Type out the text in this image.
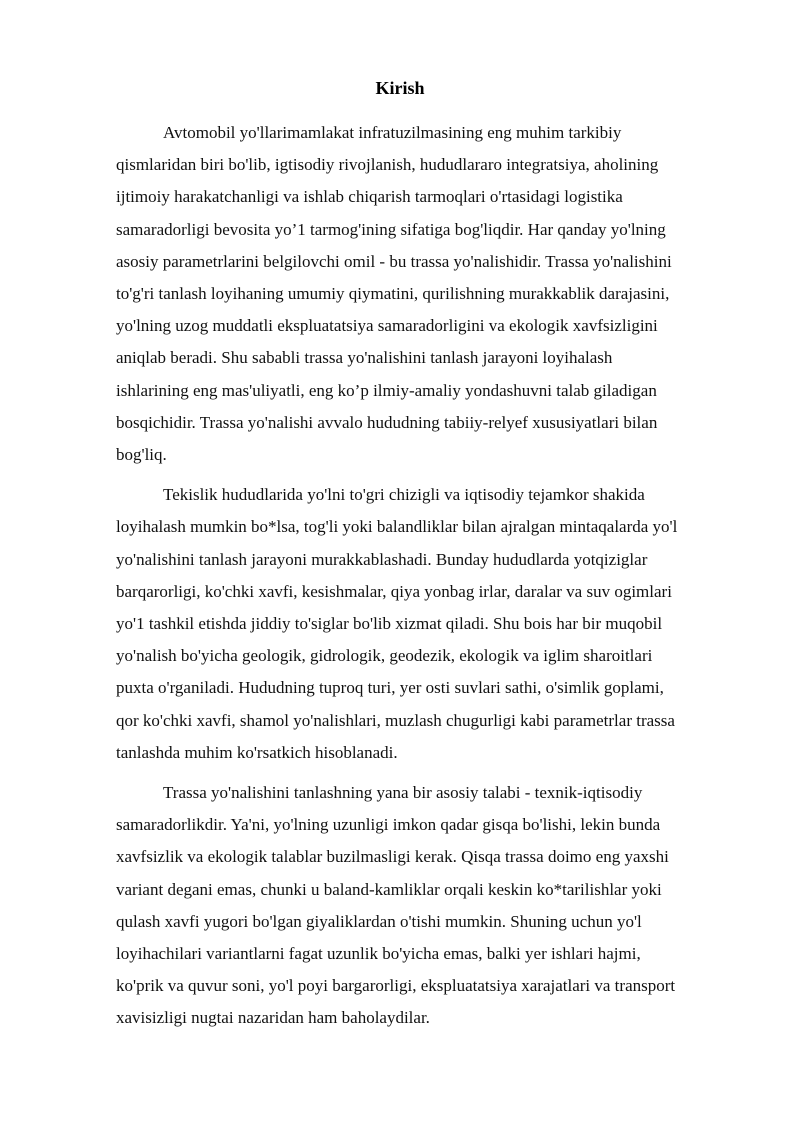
Kirish

Avtomobil yo'llarimamlakat infratuzilmasining eng muhim tarkibiy
qismlaridan biri bo'lib, igtisodiy rivojlanish, hududlararo integratsiya, aholining
ijtimoiy harakatchanligi va ishlab chiqarish tarmoqlari o'rtasidagi logistika
samaradorligi bevosita yo’1 tarmog'ining sifatiga bog'liqdir. Har qanday yo'lning
asosiy parametrlarini belgilovchi omil - bu trassa yo'nalishidir. Trassa yo'nalishini
to'g'ri tanlash loyihaning umumiy qiymatini, qurilishning murakkablik darajasini,
yo'lning uzog muddatli ekspluatatsiya samaradorligini va ekologik xavfsizligini
aniqlab beradi. Shu sababli trassa yo'nalishini tanlash jarayoni loyihalash
ishlarining eng mas'uliyatli, eng ko’p ilmiy-amaliy yondashuvni talab giladigan
bosqichidir. Trassa yo'nalishi avvalo hududning tabiiy-relyef xususiyatlari bilan
bog'liq.

Tekislik hududlarida yo'lni to'gri chizigli va iqtisodiy tejamkor shakida
loyihalash mumkin bo*lsa, tog'li yoki balandliklar bilan ajralgan mintaqalarda yo'l
yo'nalishini tanlash jarayoni murakkablashadi. Bunday hududlarda yotqiziglar
barqarorligi, ko'chki xavfi, kesishmalar, qiya yonbag irlar, daralar va suv ogimlari
yo'1 tashkil etishda jiddiy to'siglar bo'lib xizmat qiladi. Shu bois har bir muqobil
yo'nalish bo'yicha geologik, gidrologik, geodezik, ekologik va iglim sharoitlari
puxta o'rganiladi. Hududning tuproq turi, yer osti suvlari sathi, o'simlik goplami,
qor ko'chki xavfi, shamol yo'nalishlari, muzlash chugurligi kabi parametrlar trassa
tanlashda muhim ko'rsatkich hisoblanadi.

Trassa yo'nalishini tanlashning yana bir asosiy talabi - texnik-iqtisodiy
samaradorlikdir. Ya'ni, yo'lning uzunligi imkon qadar gisqa bo'lishi, lekin bunda
xavfsizlik va ekologik talablar buzilmasligi kerak. Qisqa trassa doimo eng yaxshi
variant degani emas, chunki u baland-kamliklar orqali keskin ko*tarilishlar yoki
qulash xavfi yugori bo'lgan giyaliklardan o'tishi mumkin. Shuning uchun yo'l
loyihachilari variantlarni fagat uzunlik bo'yicha emas, balki yer ishlari hajmi,
ko'prik va quvur soni, yo'l poyi bargarorligi, ekspluatatsiya xarajatlari va transport
xavisizligi nugtai nazaridan ham baholaydilar.
